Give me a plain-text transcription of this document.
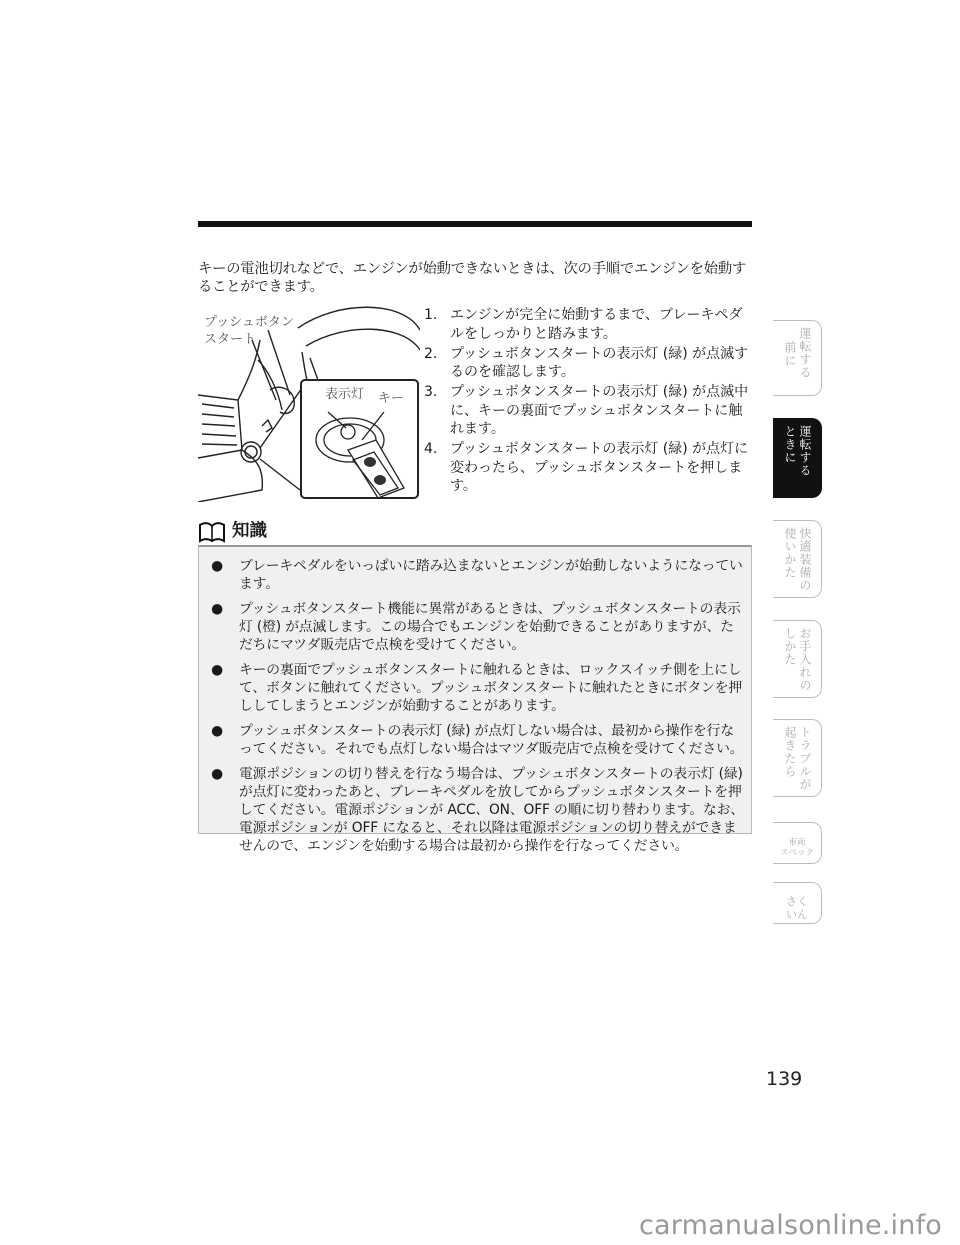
キーの電池切れなどで、エンジンが始動できないときは、次の手順でエンジンを始動することができます。

プッシュボタン
スタート
表示灯 キー
1. エンジンが完全に始動するまで、ブレーキペダルをしっかりと踏みます。
2. プッシュボタンスタートの表示灯 (緑) が点滅するのを確認します。
3. プッシュボタンスタートの表示灯 (緑) が点滅中に、キーの裏面でプッシュボタンスタートに触れます。
4. プッシュボタンスタートの表示灯 (緑) が点灯に変わったら、プッシュボタンスタートを押します。
知識
● ブレーキペダルをいっぱいに踏み込まないとエンジンが始動しないようになっています。
● プッシュボタンスタート機能に異常があるときは、プッシュボタンスタートの表示灯 (橙) が点滅します。この場合でもエンジンを始動できることがありますが、ただちにマツダ販売店で点検を受けてください。
● キーの裏面でプッシュボタンスタートに触れるときは、ロックスイッチ側を上にして、ボタンに触れてください。プッシュボタンスタートに触れたときにボタンを押ししてしまうとエンジンが始動することがあります。
● プッシュボタンスタートの表示灯 (緑) が点灯しない場合は、最初から操作を行なってください。それでも点灯しない場合はマツダ販売店で点検を受けてください。
● 電源ポジションの切り替えを行なう場合は、プッシュボタンスタートの表示灯 (緑) が点灯に変わったあと、ブレーキペダルを放してからプッシュボタンスタートを押してください。電源ポジションが ACC、ON、OFF の順に切り替わります。なお、電源ポジションが OFF になると、それ以降は電源ポジションの切り替えができませんので、エンジンを始動する場合は最初から操作を行なってください。
運転する
前に
運転する
ときに
快適装備の
使いかた
お手入れの
しかた
トラブルが
起きたら
車両
スペック
さく
いん
139
carmanualsonline.info
